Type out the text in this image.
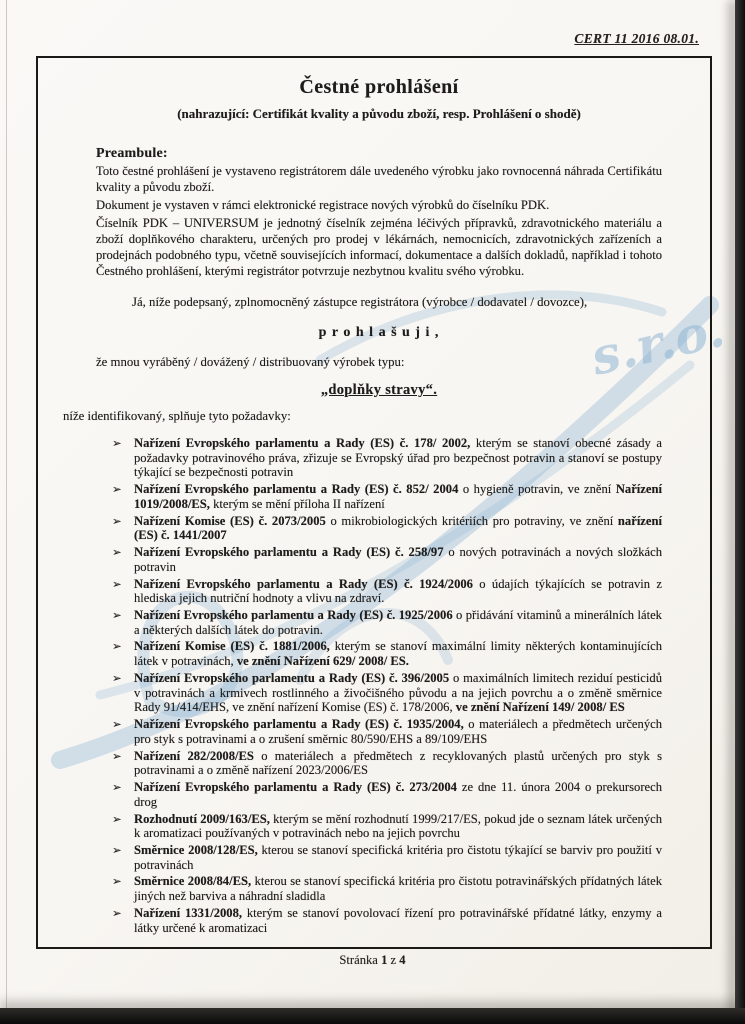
s.r.o.
CERT 11 2016 08.01.
Čestné prohlášení
(nahrazující: Certifikát kvality a původu zboží, resp. Prohlášení o shodě)
Preambule:

Toto čestné prohlášení je vystaveno registrátorem dále uvedeného výrobku jako rovnocenná náhrada Certifikátu kvality a původu zboží.

Dokument je vystaven v rámci elektronické registrace nových výrobků do číselníku PDK.

Číselník PDK – UNIVERSUM je jednotný číselník zejména léčivých přípravků, zdravotnického materiálu a zboží doplňkového charakteru, určených pro prodej v lékárnách, nemocnicích, zdravotnických zařízeních a prodejnách podobného typu, včetně souvisejících informací, dokumentace a dalších dokladů, například i tohoto Čestného prohlášení, kterými registrátor potvrzuje nezbytnou kvalitu svého výrobku.

Já, níže podepsaný, zplnomocněný zástupce registrátora (výrobce / dodavatel / dovozce),
p r o h l a š u j i ,
že mnou vyráběný / dovážený / distribuovaný výrobek typu:
„doplňky stravy“.
níže identifikovaný, splňuje tyto požadavky:
➢ Nařízení Evropského parlamentu a Rady (ES) č. 178/ 2002, kterým se stanoví obecné zásady a požadavky potravinového práva, zřizuje se Evropský úřad pro bezpečnost potravin a stanoví se postupy týkající se bezpečnosti potravin
➢ Nařízení Evropského parlamentu a Rady (ES) č. 852/ 2004 o hygieně potravin, ve znění Nařízení 1019/2008/ES, kterým se mění příloha II nařízení
➢ Nařízení Komise (ES) č. 2073/2005 o mikrobiologických kritériích pro potraviny, ve znění nařízení (ES) č. 1441/2007
➢ Nařízení Evropského parlamentu a Rady (ES) č. 258/97 o nových potravinách a nových složkách potravin
➢ Nařízení Evropského parlamentu a Rady (ES) č. 1924/2006 o údajích týkajících se potravin z hlediska jejich nutriční hodnoty a vlivu na zdraví.
➢ Nařízení Evropského parlamentu a Rady (ES) č. 1925/2006 o přidávání vitaminů a minerálních látek a některých dalších látek do potravin.
➢ Nařízení Komise (ES) č. 1881/2006, kterým se stanoví maximální limity některých kontaminujících látek v potravinách, ve znění Nařízení 629/ 2008/ ES.
➢ Nařízení Evropského parlamentu a Rady (ES) č. 396/2005 o maximálních limitech reziduí pesticidů v potravinách a krmivech rostlinného a živočišného původu a na jejich povrchu a o změně směrnice Rady 91/414/EHS, ve znění nařízení Komise (ES) č. 178/2006, ve znění Nařízení 149/ 2008/ ES
➢ Nařízení Evropského parlamentu a Rady (ES) č. 1935/2004, o materiálech a předmětech určených pro styk s potravinami a o zrušení směrnic 80/590/EHS a 89/109/EHS
➢ Nařízení 282/2008/ES o materiálech a předmětech z recyklovaných plastů určených pro styk s potravinami a o změně nařízení 2023/2006/ES
➢ Nařízení Evropského parlamentu a Rady (ES) č. 273/2004 ze dne 11. února 2004 o prekursorech drog
➢ Rozhodnutí 2009/163/ES, kterým se mění rozhodnutí 1999/217/ES, pokud jde o seznam látek určených k aromatizaci používaných v potravinách nebo na jejich povrchu
➢ Směrnice 2008/128/ES, kterou se stanoví specifická kritéria pro čistotu týkající se barviv pro použití v potravinách
➢ Směrnice 2008/84/ES, kterou se stanoví specifická kritéria pro čistotu potravinářských přídatných látek jiných než barviva a náhradní sladidla
➢ Nařízení 1331/2008, kterým se stanoví povolovací řízení pro potravinářské přídatné látky, enzymy a látky určené k aromatizaci
Stránka 1 z 4
